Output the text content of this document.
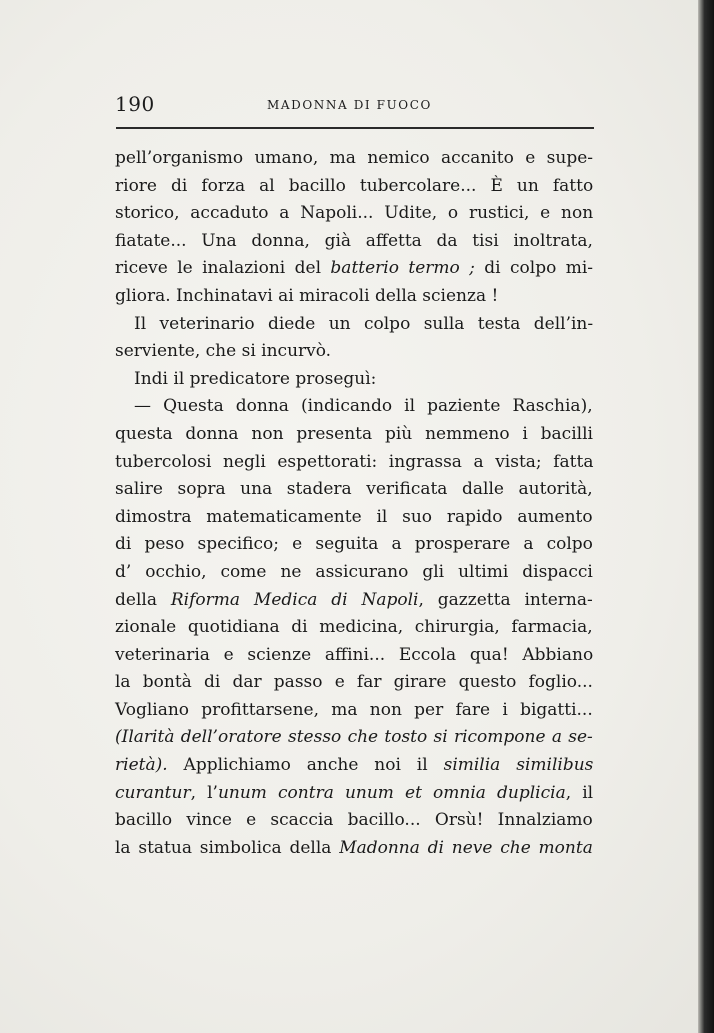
190	MADONNA DI FUOCO
pell’organismo umano, ma nemico accanito e supe-
riore di forza al bacillo tubercolare... È un fatto
storico, accaduto a Napoli... Udite, o rustici, e non
fiatate... Una donna, già affetta da tisi inoltrata,
riceve le inalazioni del batterio termo ; di colpo mi-
gliora. Inchinatavi ai miracoli della scienza !
Il veterinario diede un colpo sulla testa dell’in-
serviente, che si incurvò.
Indi il predicatore proseguì:
— Questa donna (indicando il paziente Raschia),
questa donna non presenta più nemmeno i bacilli
tubercolosi negli espettorati: ingrassa a vista; fatta
salire sopra una stadera verificata dalle autorità,
dimostra matematicamente il suo rapido aumento
di peso specifico; e seguita a prosperare a colpo
d’ occhio, come ne assicurano gli ultimi dispacci
della Riforma Medica di Napoli, gazzetta interna-
zionale quotidiana di medicina, chirurgia, farmacia,
veterinaria e scienze affini... Eccola qua! Abbiano
la bontà di dar passo e far girare questo foglio...
Vogliano profittarsene, ma non per fare i bigatti...
(Ilarità dell’oratore stesso che tosto si ricompone a se-
rietà). Applichiamo anche noi il similia similibus
curantur, l’unum contra unum et omnia duplicia, il
bacillo vince e scaccia bacillo... Orsù! Innalziamo
la statua simbolica della Madonna di neve che monta
